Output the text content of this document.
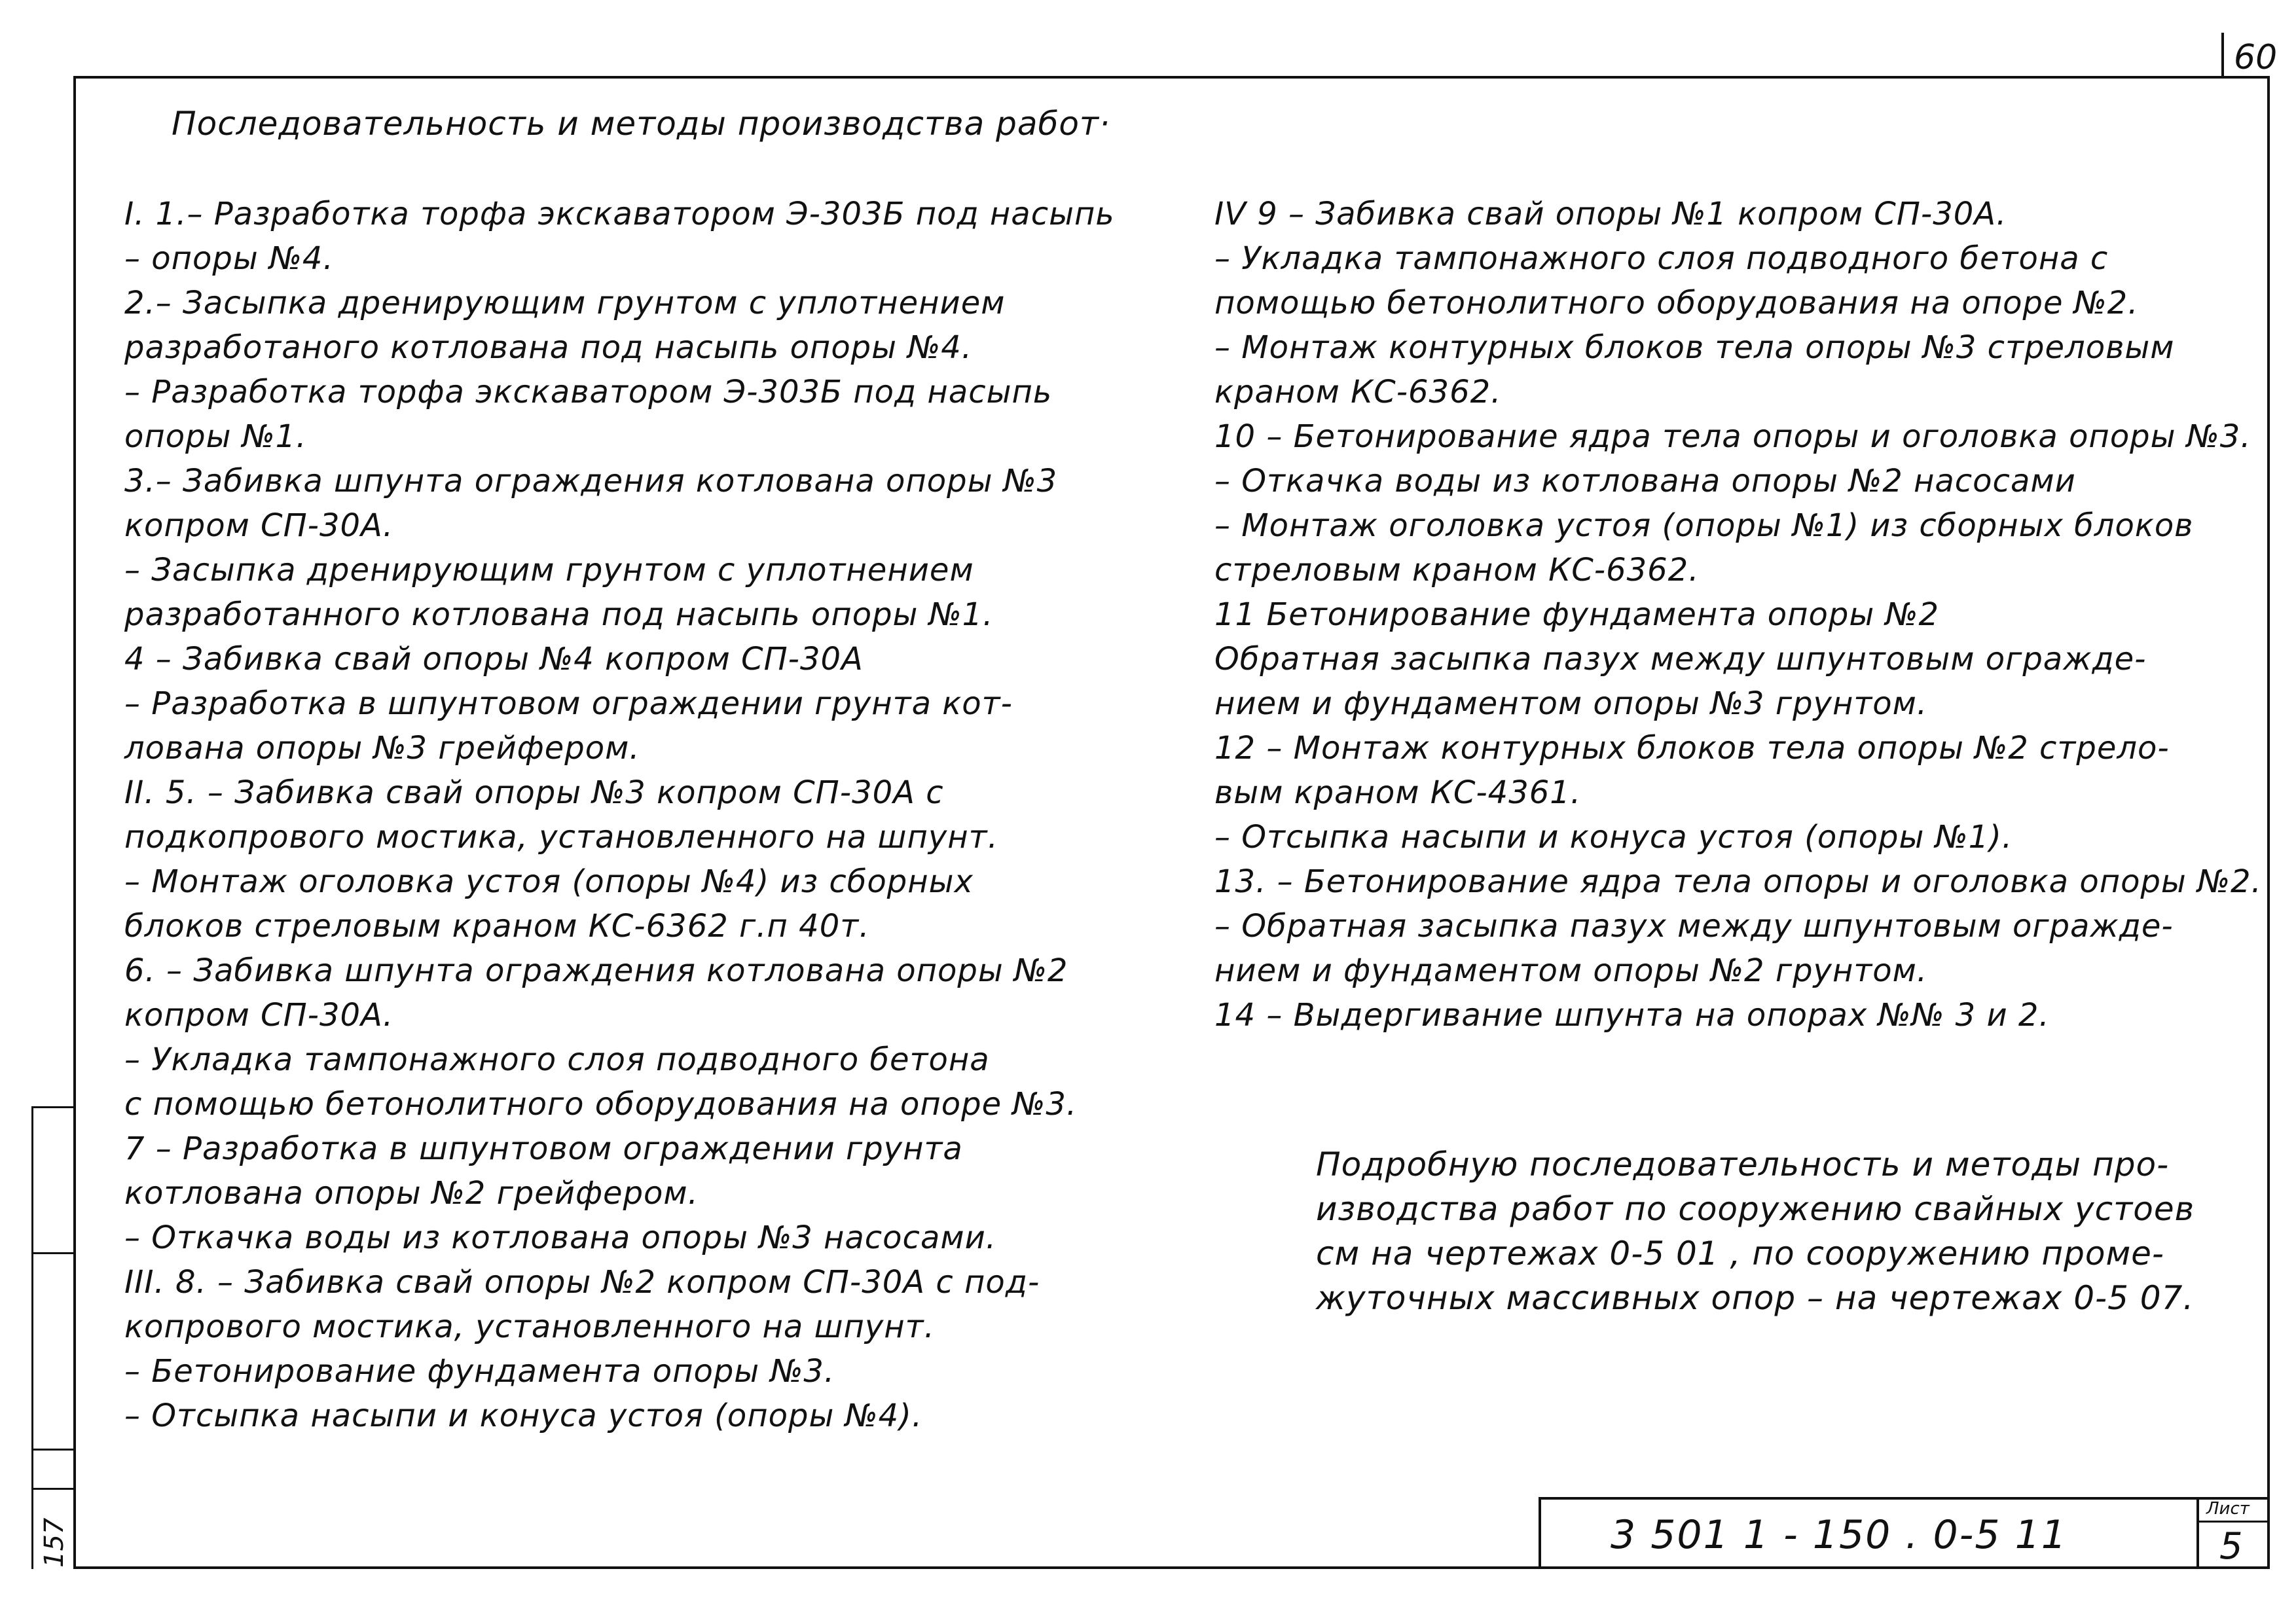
60
Последовательность и методы производства работ·
I. 1.– Разработка торфа экскаватором Э-303Б под насыпь
– опоры №4.
2.– Засыпка дренирующим грунтом с уплотнением
разработаного котлована под насыпь опоры №4.
– Разработка торфа экскаватором Э-303Б под насыпь
опоры №1.
3.– Забивка шпунта ограждения котлована опоры №3
копром СП-30А.
– Засыпка дренирующим грунтом с уплотнением
разработанного котлована под насыпь опоры №1.
4 – Забивка свай опоры №4 копром СП-30А
– Разработка в шпунтовом ограждении грунта кот-
лована опоры №3 грейфером.
II. 5. – Забивка свай опоры №3 копром СП-30А с
подкопрового мостика, установленного на шпунт.
– Монтаж оголовка устоя (опоры №4) из сборных
блоков стреловым краном КС-6362 г.п 40т.
6. – Забивка шпунта ограждения котлована опоры №2
копром СП-30А.
– Укладка тампонажного слоя подводного бетона
с помощью бетонолитного оборудования на опоре №3.
7 – Разработка в шпунтовом ограждении грунта
котлована опоры №2 грейфером.
– Откачка воды из котлована опоры №3 насосами.
III. 8. – Забивка свай опоры №2 копром СП-30А с под-
копрового мостика, установленного на шпунт.
– Бетонирование фундамента опоры №3.
– Отсыпка насыпи и конуса устоя (опоры №4).
IV 9 – Забивка свай опоры №1 копром СП-30А.
– Укладка тампонажного слоя подводного бетона с
помощью бетонолитного оборудования на опоре №2.
– Монтаж контурных блоков тела опоры №3 стреловым
краном КС-6362.
10 – Бетонирование ядра тела опоры и оголовка опоры №3.
– Откачка воды из котлована опоры №2 насосами
– Монтаж оголовка устоя (опоры №1) из сборных блоков
стреловым краном КС-6362.
11 Бетонирование фундамента опоры №2
Обратная засыпка пазух между шпунтовым огражде-
нием и фундаментом опоры №3 грунтом.
12 – Монтаж контурных блоков тела опоры №2 стрело-
вым краном КС-4361.
– Отсыпка насыпи и конуса устоя (опоры №1).
13. – Бетонирование ядра тела опоры и оголовка опоры №2.
– Обратная засыпка пазух между шпунтовым огражде-
нием и фундаментом опоры №2 грунтом.
14 – Выдергивание шпунта на опорах №№ 3 и 2.
Подробную последовательность и методы про-
изводства работ по сооружению свайных устоев
см на чертежах 0-5 01 , по сооружению проме-
жуточных массивных опор – на чертежах 0-5 07.
3 501 1 - 150 . 0-5 11
Лист
5
157
